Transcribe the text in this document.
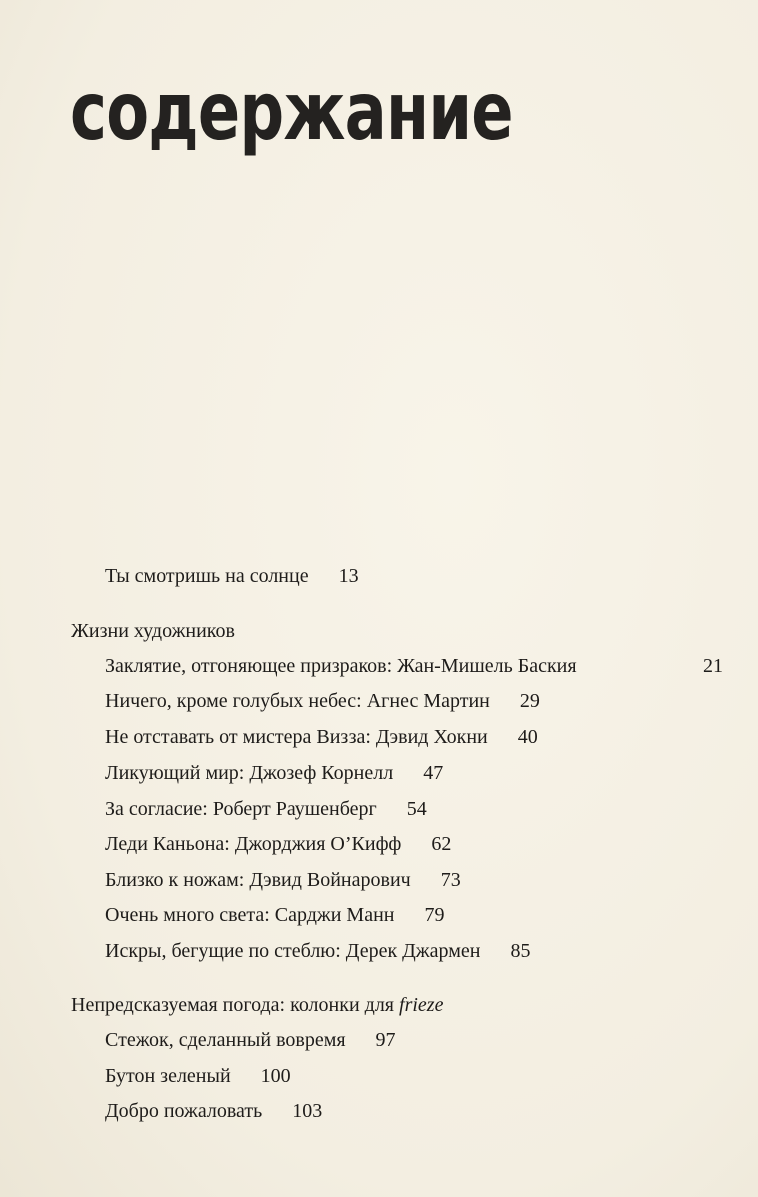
содержание
Ты смотришь на солнце 13
Жизни художников
Заклятие, отгоняющее призраков: Жан-Мишель Баския	21
Ничего, кроме голубых небес: Агнес Мартин 29
Не отставать от мистера Визза: Дэвид Хокни 40
Ликующий мир: Джозеф Корнелл 47
За согласие: Роберт Раушенберг 54
Леди Каньона: Джорджия О’Кифф 62
Близко к ножам: Дэвид Войнарович 73
Очень много света: Сарджи Манн 79
Искры, бегущие по стеблю: Дерек Джармен 85
Непредсказуемая погода: колонки для frieze
Стежок, сделанный вовремя 97
Бутон зеленый 100
Добро пожаловать 103
